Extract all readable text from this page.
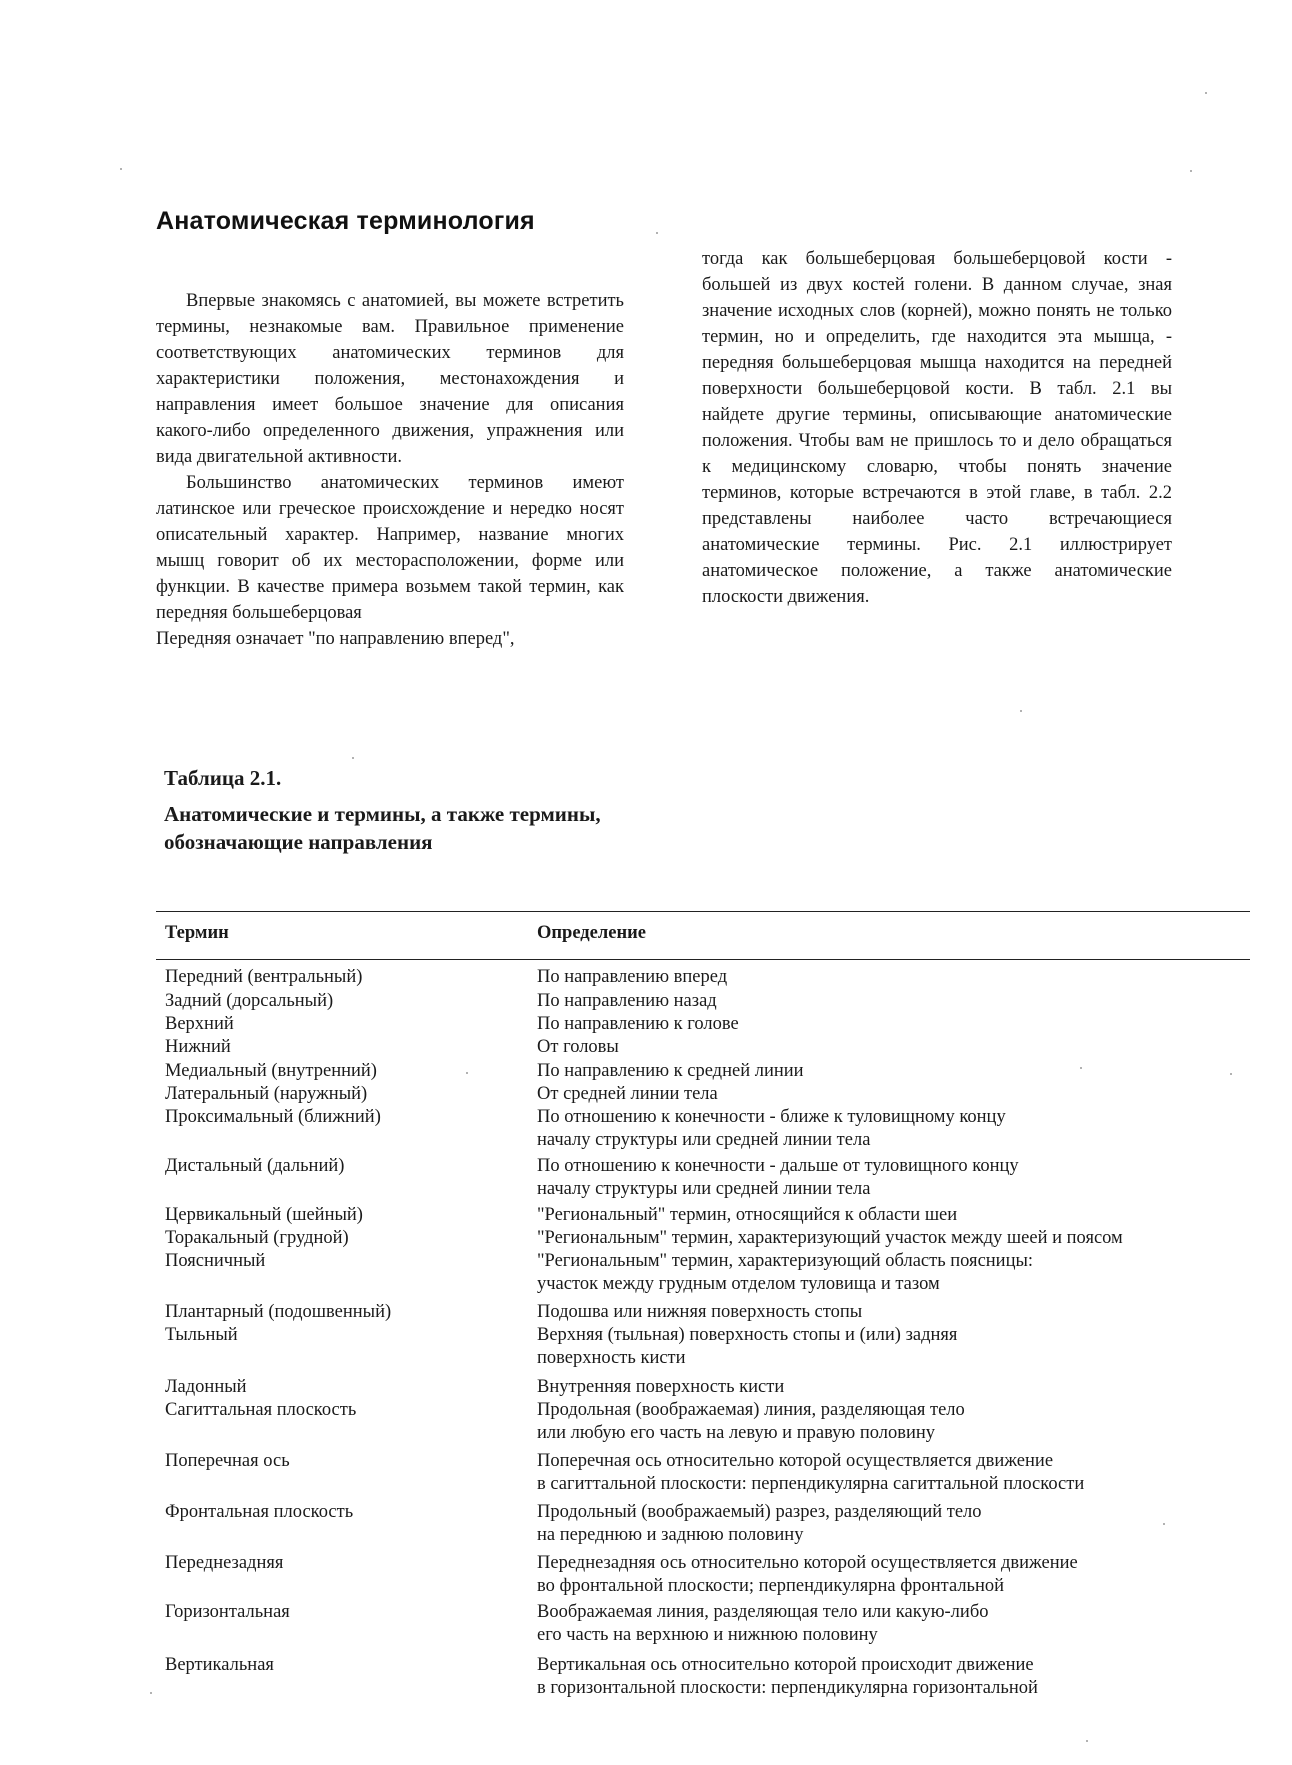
Анатомическая терминология

Впервые знакомясь с анатомией, вы можете встретить термины, незнакомые вам. Правильное применение соответствующих анатомических терминов для характеристики положения, местонахождения и направления имеет большое значение для описания какого-либо определенного движения, упражнения или вида двигательной активности.

Большинство анатомических терминов имеют латинское или греческое происхождение и нередко носят описательный характер. Например, название многих мышц говорит об их месторасположении, форме или функции. В качестве примера возьмем такой термин, как передняя большеберцовая

Передняя означает "по направлению вперед",

тогда как большеберцовая большеберцовой кости - большей из двух костей голени. В данном случае, зная значение исходных слов (корней), можно понять не только термин, но и определить, где находится эта мышца, - передняя большеберцовая мышца находится на передней поверхности большеберцовой кости. В табл. 2.1 вы найдете другие термины, описывающие анатомические положения. Чтобы вам не пришлось то и дело обращаться к медицинскому словарю, чтобы понять значение терминов, которые встречаются в этой главе, в табл. 2.2 представлены наиболее часто встречающиеся анатомические термины. Рис. 2.1 иллюстрирует анатомическое положение, а также анатомические плоскости движения.

Таблица 2.1.
Анатомические и термины, а также термины, обозначающие направления
Термин	Определение
Передний (вентральный)	По направлению вперед
Задний (дорсальный)	По направлению назад
Верхний	По направлению к голове
Нижний	От головы
Медиальный (внутренний)	По направлению к средней линии
Латеральный (наружный)	От средней линии тела
Проксимальный (ближний)	По отношению к конечности - ближе к туловищному концу
началу структуры или средней линии тела
Дистальный (дальний)	По отношению к конечности - дальше от туловищного концу
началу структуры или средней линии тела
Цервикальный (шейный)	"Региональный" термин, относящийся к области шеи
Торакальный (грудной)	"Региональным" термин, характеризующий участок между шеей и поясом
Поясничный	"Региональным" термин, характеризующий область поясницы:
участок между грудным отделом туловища и тазом
Плантарный (подошвенный)	Подошва или нижняя поверхность стопы
Тыльный	Верхняя (тыльная) поверхность стопы и (или) задняя
поверхность кисти
Ладонный	Внутренняя поверхность кисти
Сагиттальная плоскость	Продольная (воображаемая) линия, разделяющая тело
или любую его часть на левую и правую половину
Поперечная ось	Поперечная ось относительно которой осуществляется движение
в сагиттальной плоскости: перпендикулярна сагиттальной плоскости
Фронтальная плоскость	Продольный (воображаемый) разрез, разделяющий тело
на переднюю и заднюю половину
Переднезадняя	Переднезадняя ось относительно которой осуществляется движение
во фронтальной плоскости; перпендикулярна фронтальной
Горизонтальная	Воображаемая линия, разделяющая тело или какую-либо
его часть на верхнюю и нижнюю половину
Вертикальная	Вертикальная ось относительно которой происходит движение
в горизонтальной плоскости: перпендикулярна горизонтальной
